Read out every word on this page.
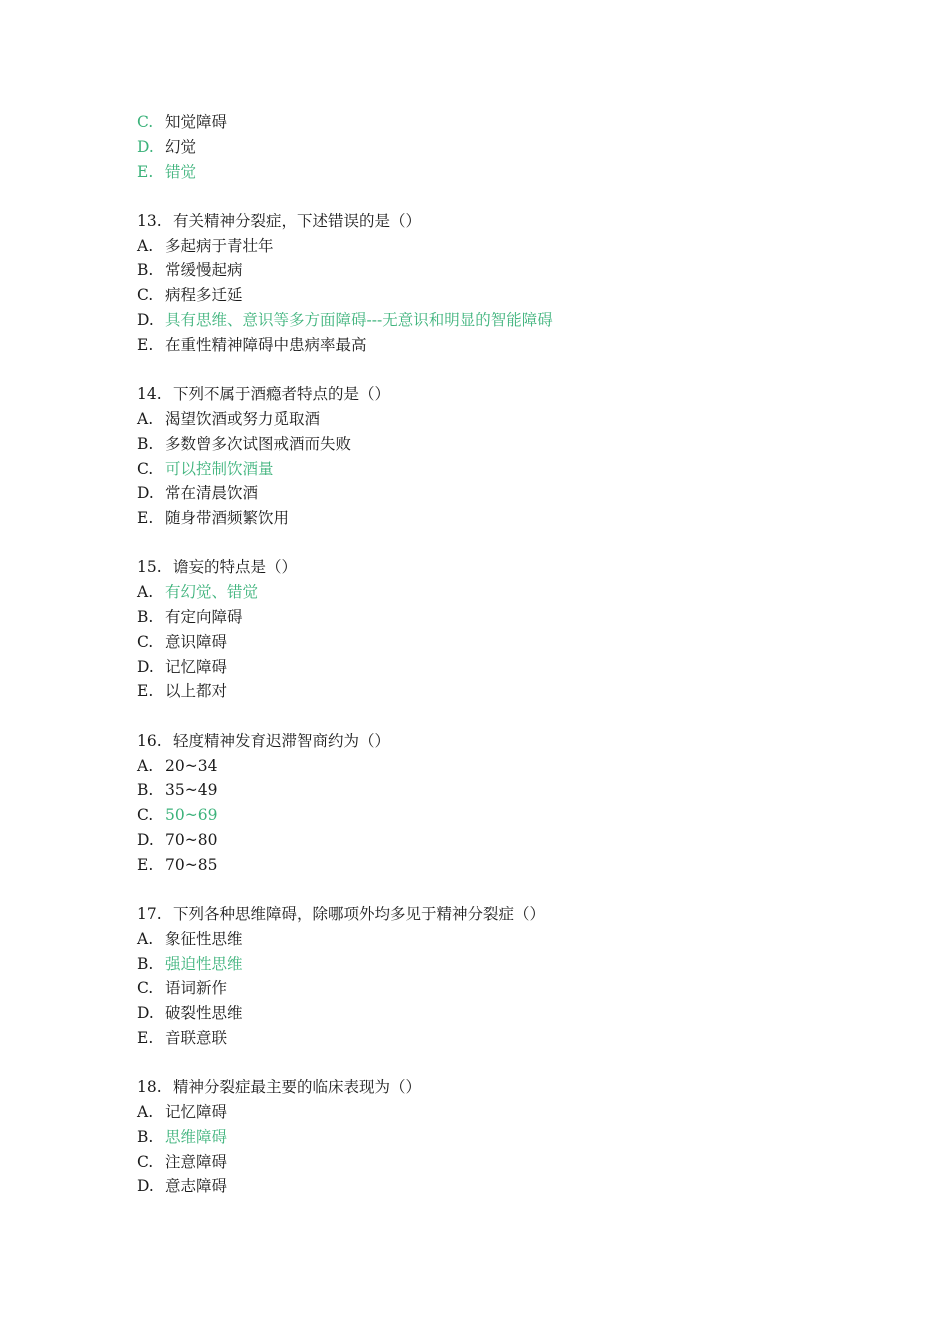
C. 知觉障碍
D. 幻觉
E. 错觉
13. 有关精神分裂症，下述错误的是（）
A. 多起病于青壮年
B. 常缓慢起病
C. 病程多迁延
D. 具有思维、意识等多方面障碍---无意识和明显的智能障碍
E. 在重性精神障碍中患病率最高
14. 下列不属于酒瘾者特点的是（）
A. 渴望饮酒或努力觅取酒
B. 多数曾多次试图戒酒而失败
C. 可以控制饮酒量
D. 常在清晨饮酒
E. 随身带酒频繁饮用
15. 谵妄的特点是（）
A. 有幻觉、错觉
B. 有定向障碍
C. 意识障碍
D. 记忆障碍
E. 以上都对
16. 轻度精神发育迟滞智商约为（）
A. 20~34
B. 35~49
C. 50~69
D. 70~80
E. 70~85
17. 下列各种思维障碍，除哪项外均多见于精神分裂症（）
A. 象征性思维
B. 强迫性思维
C. 语词新作
D. 破裂性思维
E. 音联意联
18. 精神分裂症最主要的临床表现为（）
A. 记忆障碍
B. 思维障碍
C. 注意障碍
D. 意志障碍
